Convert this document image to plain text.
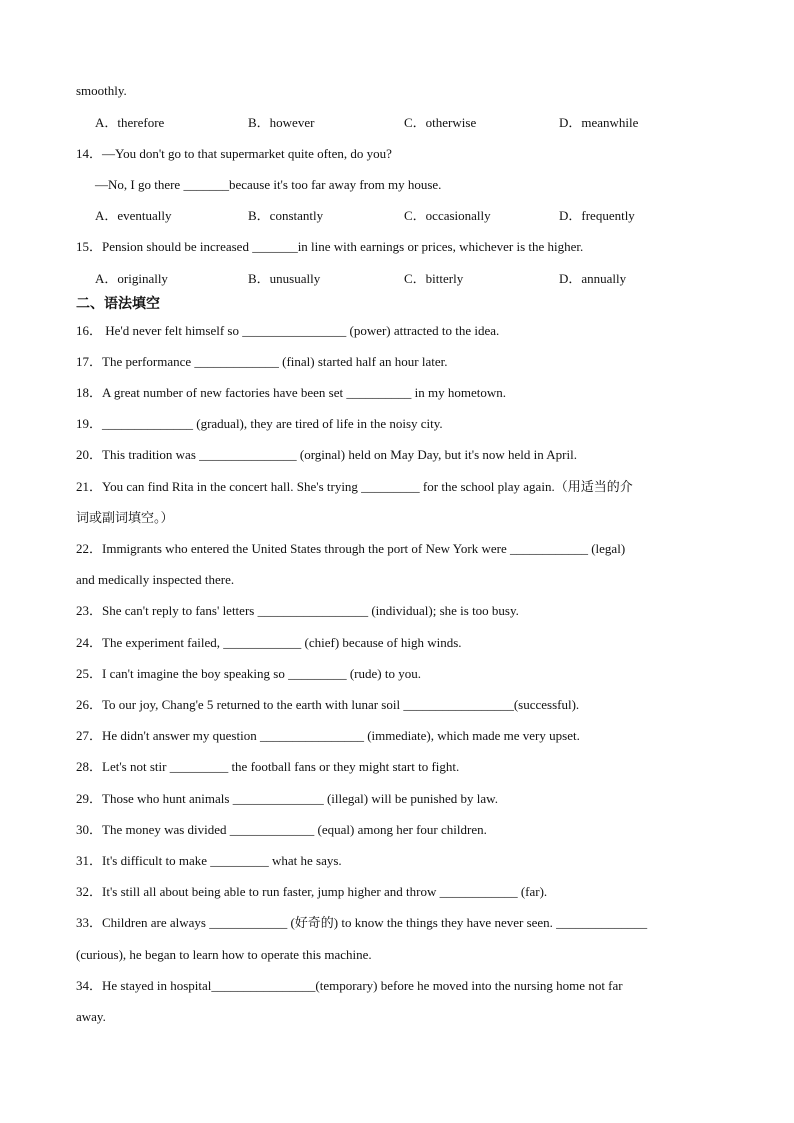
smoothly.
A．therefore	B．however	C．otherwise	D．meanwhile
14．—You don't go to that supermarket quite often, do you?
—No, I go there _______because it's too far away from my house.
A．eventually	B．constantly	C．occasionally	D．frequently
15．Pension should be increased _______in line with earnings or prices, whichever is the higher.
A．originally	B．unusually	C．bitterly	D．annually
二、语法填空
16． He'd never felt himself so ________________ (power) attracted to the idea.
17．The performance _____________ (final) started half an hour later.
18．A great number of new factories have been set __________ in my hometown.
19．______________ (gradual), they are tired of life in the noisy city.
20．This tradition was _______________ (orginal) held on May Day, but it's now held in April.
21．You can find Rita in the concert hall. She's trying _________ for the school play again.（用适当的介
词或副词填空。）
22．Immigrants who entered the United States through the port of New York were ____________ (legal)
and medically inspected there.
23．She can't reply to fans' letters _________________ (individual); she is too busy.
24．The experiment failed, ____________ (chief) because of high winds.
25．I can't imagine the boy speaking so _________ (rude) to you.
26．To our joy, Chang'e 5 returned to the earth with lunar soil _________________(successful).
27．He didn't answer my question ________________ (immediate), which made me very upset.
28．Let's not stir _________ the football fans or they might start to fight.
29．Those who hunt animals ______________ (illegal) will be punished by law.
30．The money was divided _____________ (equal) among her four children.
31．It's difficult to make _________ what he says.
32．It's still all about being able to run faster, jump higher and throw ____________ (far).
33．Children are always ____________ (好奇的) to know the things they have never seen. ______________
(curious), he began to learn how to operate this machine.
34．He stayed in hospital________________(temporary) before he moved into the nursing home not far
away.
